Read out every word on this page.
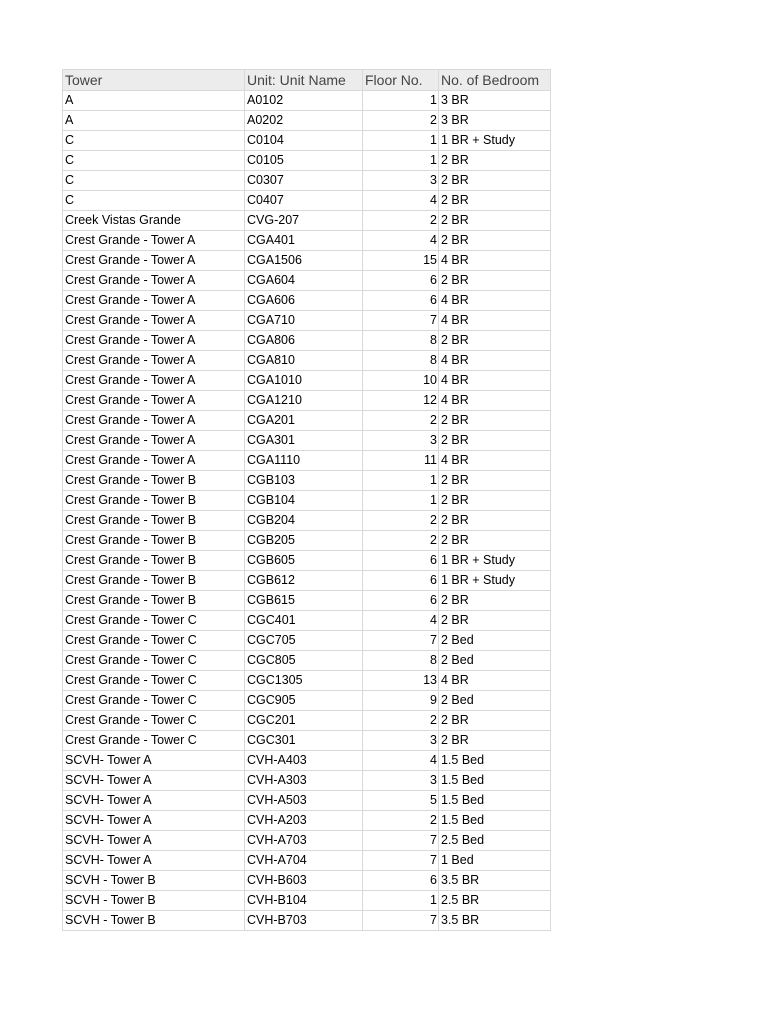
Tower	Unit: Unit Name	Floor No.	No. of Bedroom
A	A0102	1	3 BR
A	A0202	2	3 BR
C	C0104	1	1 BR + Study
C	C0105	1	2 BR
C	C0307	3	2 BR
C	C0407	4	2 BR
Creek Vistas Grande	CVG-207	2	2 BR
Crest Grande - Tower A	CGA401	4	2 BR
Crest Grande - Tower A	CGA1506	15	4 BR
Crest Grande - Tower A	CGA604	6	2 BR
Crest Grande - Tower A	CGA606	6	4 BR
Crest Grande - Tower A	CGA710	7	4 BR
Crest Grande - Tower A	CGA806	8	2 BR
Crest Grande - Tower A	CGA810	8	4 BR
Crest Grande - Tower A	CGA1010	10	4 BR
Crest Grande - Tower A	CGA1210	12	4 BR
Crest Grande - Tower A	CGA201	2	2 BR
Crest Grande - Tower A	CGA301	3	2 BR
Crest Grande - Tower A	CGA1110	11	4 BR
Crest Grande - Tower B	CGB103	1	2 BR
Crest Grande - Tower B	CGB104	1	2 BR
Crest Grande - Tower B	CGB204	2	2 BR
Crest Grande - Tower B	CGB205	2	2 BR
Crest Grande - Tower B	CGB605	6	1 BR + Study
Crest Grande - Tower B	CGB612	6	1 BR + Study
Crest Grande - Tower B	CGB615	6	2 BR
Crest Grande - Tower C	CGC401	4	2 BR
Crest Grande - Tower C	CGC705	7	2 Bed
Crest Grande - Tower C	CGC805	8	2 Bed
Crest Grande - Tower C	CGC1305	13	4 BR
Crest Grande - Tower C	CGC905	9	2 Bed
Crest Grande - Tower C	CGC201	2	2 BR
Crest Grande - Tower C	CGC301	3	2 BR
SCVH- Tower A	CVH-A403	4	1.5 Bed
SCVH- Tower A	CVH-A303	3	1.5 Bed
SCVH- Tower A	CVH-A503	5	1.5 Bed
SCVH- Tower A	CVH-A203	2	1.5 Bed
SCVH- Tower A	CVH-A703	7	2.5 Bed
SCVH- Tower A	CVH-A704	7	1 Bed
SCVH - Tower B	CVH-B603	6	3.5 BR
SCVH - Tower B	CVH-B104	1	2.5 BR
SCVH - Tower B	CVH-B703	7	3.5 BR
